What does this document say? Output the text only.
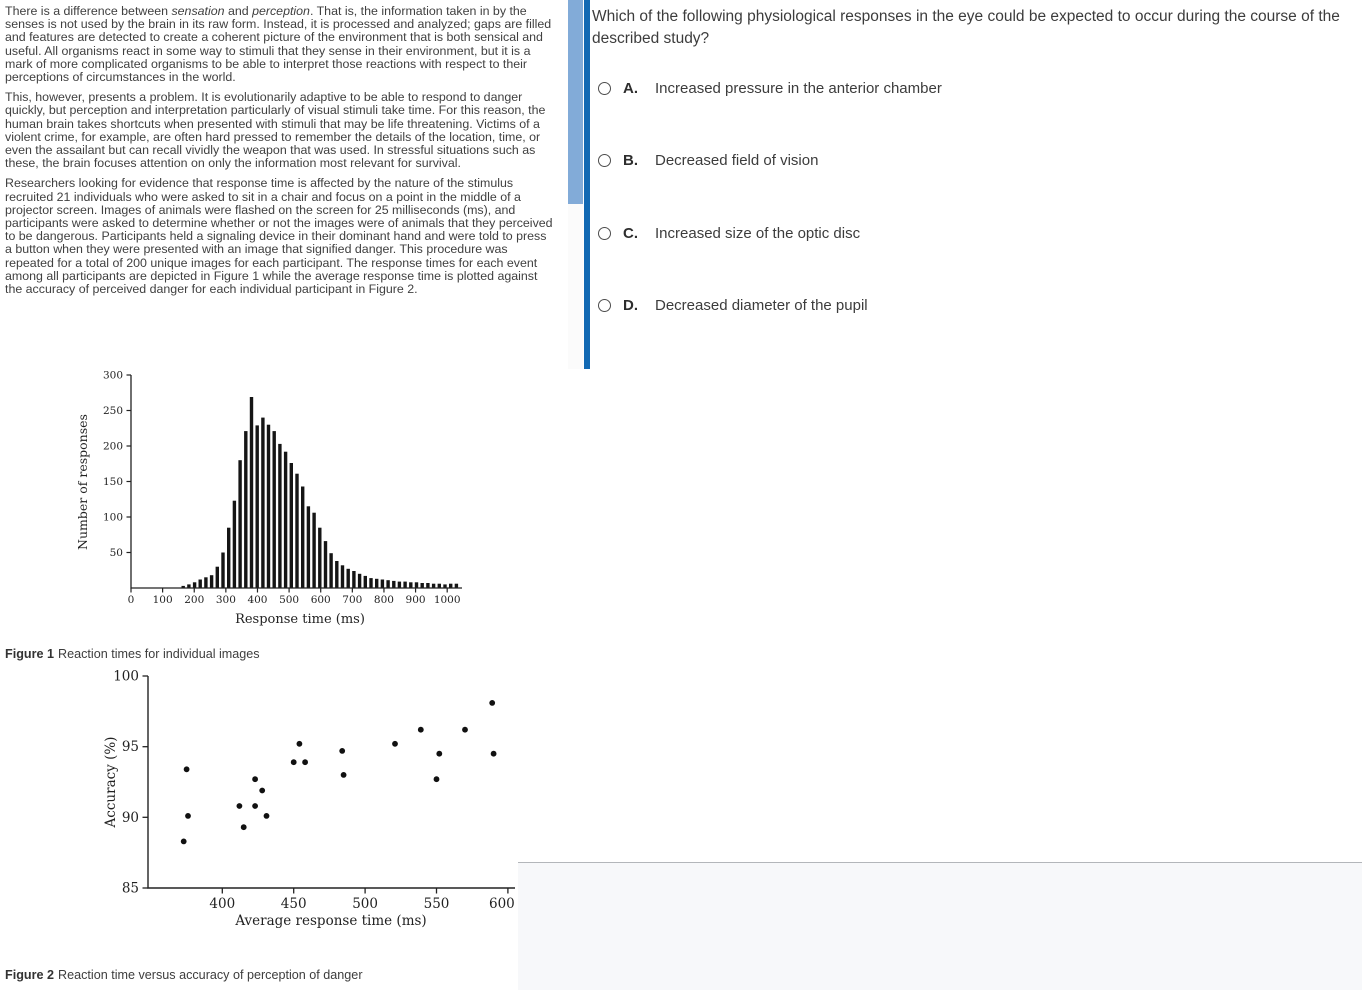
There is a difference between sensation and perception. That is, the information taken in by the senses is not used by the brain in its raw form. Instead, it is processed and analyzed; gaps are filled and features are detected to create a coherent picture of the environment that is both sensical and useful. All organisms react in some way to stimuli that they sense in their environment, but it is a mark of more complicated organisms to be able to interpret those reactions with respect to their perceptions of circumstances in the world.

This, however, presents a problem. It is evolutionarily adaptive to be able to respond to danger quickly, but perception and interpretation particularly of visual stimuli take time. For this reason, the human brain takes shortcuts when presented with stimuli that may be life threatening. Victims of a violent crime, for example, are often hard pressed to remember the details of the location, time, or even the assailant but can recall vividly the weapon that was used. In stressful situations such as these, the brain focuses attention on only the information most relevant for survival.

Researchers looking for evidence that response time is affected by the nature of the stimulus recruited 21 individuals who were asked to sit in a chair and focus on a point in the middle of a projector screen. Images of animals were flashed on the screen for 25 milliseconds (ms), and participants were asked to determine whether or not the images were of animals that they perceived to be dangerous. Participants held a signaling device in their dominant hand and were told to press a button when they were presented with an image that signified danger. This procedure was repeated for a total of 200 unique images for each participant. The response times for each event among all participants are depicted in Figure 1 while the average response time is plotted against the accuracy of perceived danger for each individual participant in Figure 2.

50
100
150
200
250
300
0 100 200 300 400 500 600 700 800 900 1000
Number of responses
Response time (ms)
Figure 1 Reaction times for individual images
85
90
95
100
400	450	500	550	600
Accuracy (%)
Average response time (ms)
Figure 2 Reaction time versus accuracy of perception of danger
Which of the following physiological responses in the eye could be expected to occur during the course of the described study?
A.	Increased pressure in the anterior chamber
B.	Decreased field of vision
C.	Increased size of the optic disc
D.	Decreased diameter of the pupil
